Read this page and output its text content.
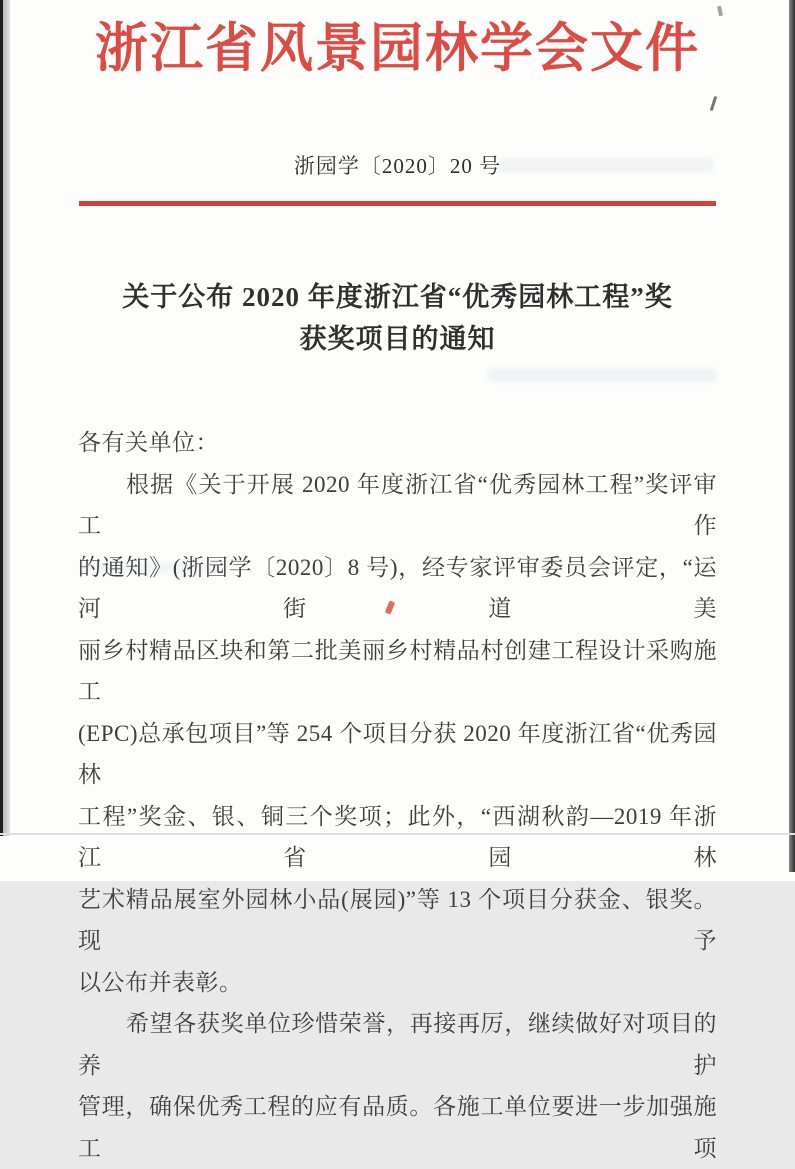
浙江省风景园林学会文件
浙园学〔2020〕20 号
关于公布 2020 年度浙江省“优秀园林工程”奖
获奖项目的通知
各有关单位：
根据《关于开展 2020 年度浙江省“优秀园林工程”奖评审工作
的通知》(浙园学〔2020〕8 号)，经专家评审委员会评定，“运河街道美
丽乡村精品区块和第二批美丽乡村精品村创建工程设计采购施工
(EPC)总承包项目”等 254 个项目分获 2020 年度浙江省“优秀园林
工程”奖金、银、铜三个奖项；此外，“西湖秋韵—2019 年浙江省园林
艺术精品展室外园林小品(展园)”等 13 个项目分获金、银奖。现予
以公布并表彰。
希望各获奖单位珍惜荣誉，再接再厉，继续做好对项目的养护
管理，确保优秀工程的应有品质。各施工单位要进一步加强施工项
